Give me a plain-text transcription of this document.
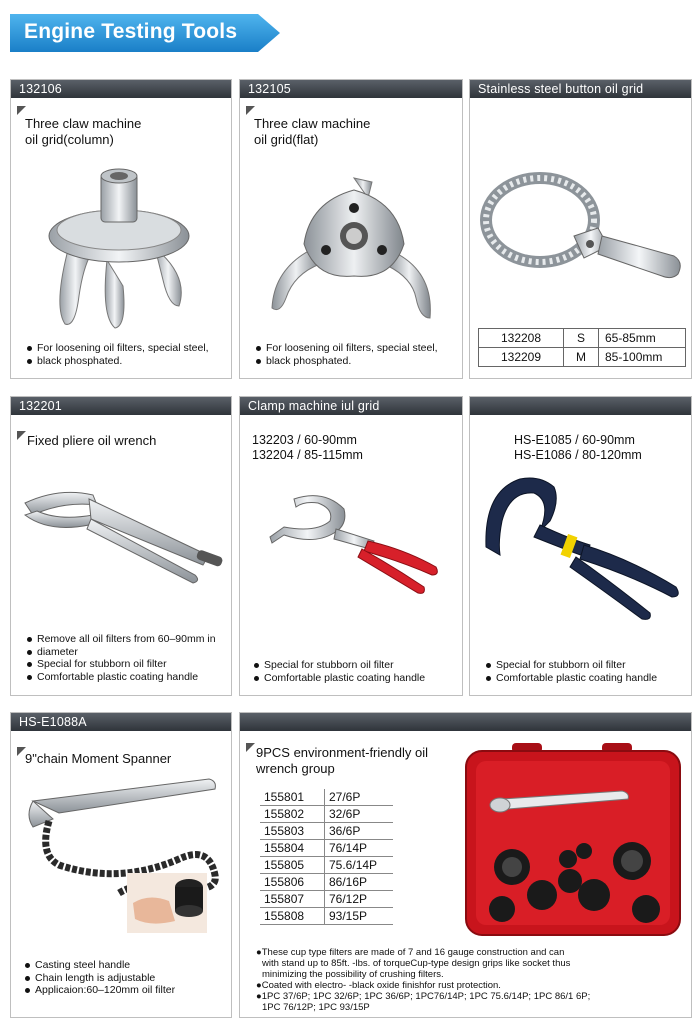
Engine Testing Tools
132106
Three claw machine
oil grid(column)
For loosening oil filters, special steel,
black phosphated.
132105
Three claw machine
oil grid(flat)
For loosening oil filters, special steel,
black phosphated.
Stainless steel button oil grid
132208	S	65-85mm
132209	M	85-100mm
132201
Fixed pliere oil wrench
Remove all oil filters from 60–90mm in
diameter
Special for stubborn oil filter
Comfortable plastic coating handle
Clamp machine iul grid
132203 / 60-90mm
132204 / 85-115mm
Special for stubborn oil filter
Comfortable plastic coating handle
HS-E1085 / 60-90mm
HS-E1086 / 80-120mm
Special for stubborn oil filter
Comfortable plastic coating handle
HS-E1088A
9"chain Moment Spanner
Casting steel handle
Chain length is adjustable
Applicaion:60–120mm oil filter
9PCS environment-friendly oil
wrench group
155801	27/6P
155802	32/6P
155803	36/6P
155804	76/14P
155805	75.6/14P
155806	86/16P
155807	76/12P
155808	93/15P
●These cup type filters are made of 7 and 16 gauge construction and can
with stand up to 85ft. -lbs. of torqueCup-type design grips like socket thus
minimizing the possibility of crushing filters.
●Coated with electro- -black oxide finishfor rust protection.
●1PC 37/6P; 1PC 32/6P; 1PC 36/6P; 1PC76/14P; 1PC 75.6/14P; 1PC 86/1 6P;
1PC 76/12P; 1PC 93/15P
